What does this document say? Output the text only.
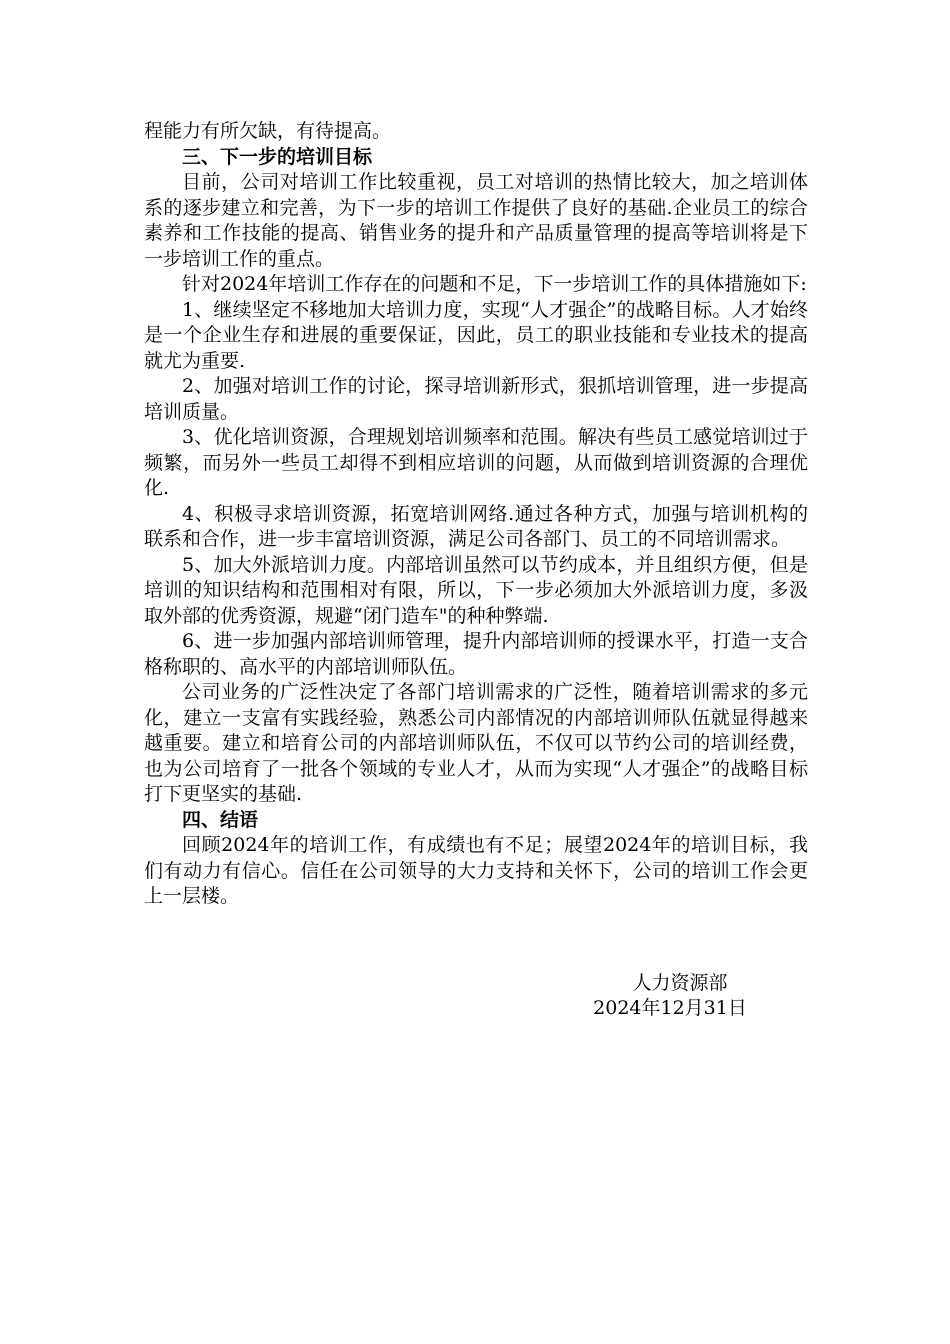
程能力有所欠缺，有待提高。

三、下一步的培训目标

目前，公司对培训工作比较重视，员工对培训的热情比较大，加之培训体系的逐步建立和完善，为下一步的培训工作提供了良好的基础.企业员工的综合素养和工作技能的提高、销售业务的提升和产品质量管理的提高等培训将是下一步培训工作的重点。

针对2024年培训工作存在的问题和不足，下一步培训工作的具体措施如下:

1、继续坚定不移地加大培训力度，实现“人才强企”的战略目标。人才始终是一个企业生存和进展的重要保证，因此，员工的职业技能和专业技术的提高就尤为重要.

2、加强对培训工作的讨论，探寻培训新形式，狠抓培训管理，进一步提高培训质量。

3、优化培训资源，合理规划培训频率和范围。解决有些员工感觉培训过于频繁，而另外一些员工却得不到相应培训的问题，从而做到培训资源的合理优化.

4、积极寻求培训资源，拓宽培训网络.通过各种方式，加强与培训机构的联系和合作，进一步丰富培训资源，满足公司各部门、员工的不同培训需求。

5、加大外派培训力度。内部培训虽然可以节约成本，并且组织方便，但是培训的知识结构和范围相对有限，所以，下一步必须加大外派培训力度，多汲取外部的优秀资源，规避“闭门造车"的种种弊端.

6、进一步加强内部培训师管理，提升内部培训师的授课水平，打造一支合格称职的、高水平的内部培训师队伍。

公司业务的广泛性决定了各部门培训需求的广泛性，随着培训需求的多元化，建立一支富有实践经验，熟悉公司内部情况的内部培训师队伍就显得越来越重要。建立和培育公司的内部培训师队伍，不仅可以节约公司的培训经费，也为公司培育了一批各个领域的专业人才，从而为实现“人才强企”的战略目标打下更坚实的基础.

四、结语

回顾2024年的培训工作，有成绩也有不足；展望2024年的培训目标，我们有动力有信心。信任在公司领导的大力支持和关怀下，公司的培训工作会更上一层楼。

人力资源部
2024年12月31日
